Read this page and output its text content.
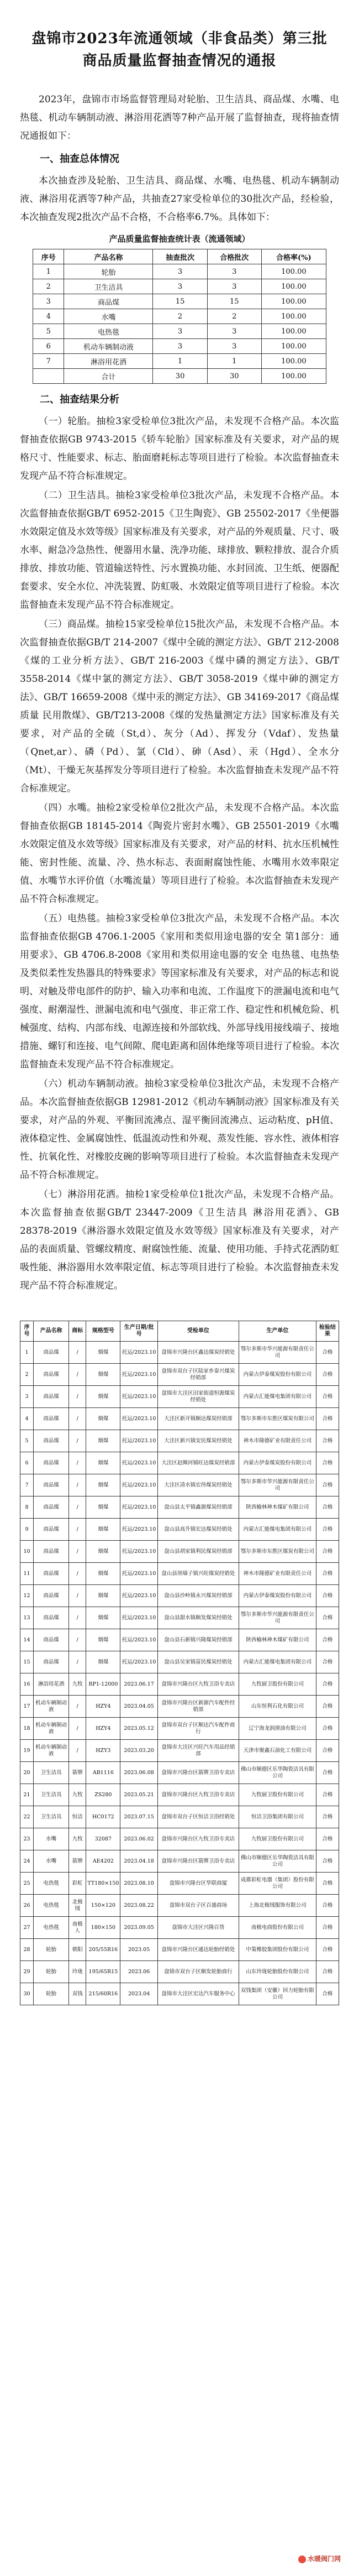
盘锦市2023年流通领域（非食品类）第三批商品质量监督抽查情况的通报

2023年，盘锦市市场监督管理局对轮胎、卫生洁具、商品煤、水嘴、电热毯、机动车辆制动液、淋浴用花洒等7种产品开展了监督抽查，现将抽查情况通报如下：

一、抽查总体情况

本次抽查涉及轮胎、卫生洁具、商品煤、水嘴、电热毯、机动车辆制动液、淋浴用花洒等7种产品，共抽查27家受检单位的30批次产品，经检验，本次抽查发现2批次产品不合格，不合格率6.7%。具体如下：

产品质量监督抽查统计表（流通领域）
序号	产品名称	抽查批次	合格批次	合格率(%)
1	轮胎	3	3	100.00
2	卫生洁具	3	3	100.00
3	商品煤	15	15	100.00
4	水嘴	2	2	100.00
5	电热毯	3	3	100.00
6	机动车辆制动液	3	3	100.00
7	淋浴用花洒	1	1	100.00
	合计	30	30	100.00
二、抽查结果分析

（一）轮胎。抽检3家受检单位3批次产品，未发现不合格产品。本次监督抽查依据GB 9743-2015《轿车轮胎》国家标准及有关要求，对产品的规格尺寸、性能要求、标志、胎面磨耗标志等项目进行了检验。本次监督抽查未发现产品不符合标准规定。

（二）卫生洁具。抽检3家受检单位3批次产品，未发现不合格产品。本次监督抽查依据GB/T 6952-2015《卫生陶瓷》、GB 25502-2017《坐便器水效限定值及水效等级》国家标准及有关要求，对产品的外观质量、尺寸、吸水率、耐急冷急热性、便器用水量、洗净功能、球排放、颗粒排放、混合介质排放、排放功能、管道输送特性、污水置换功能、水封回流、卫生纸、便器配套要求、安全水位、冲洗装置、防虹吸、水效限定值等项目进行了检验。本次监督抽查未发现产品不符合标准规定。

（三）商品煤。抽检15家受检单位15批次产品，未发现不合格产品。本次监督抽查依据GB/T 214-2007《煤中全硫的测定方法》、GB/T 212-2008《煤的工业分析方法》、GB/T 216-2003《煤中磷的测定方法》、GB/T 3558-2014《煤中氯的测定方法》、GB/T 3058-2019《煤中砷的测定方法》、GB/T 16659-2008《煤中汞的测定方法》、GB 34169-2017《商品煤质量 民用散煤》、GB/T213-2008《煤的发热量测定方法》国家标准及有关要求，对产品的全硫（St,d）、灰分（Ad）、挥发分（Vdaf）、发热量（Qnet,ar）、磷（Pd）、氯（Cld）、砷（Asd）、汞（Hgd）、全水分（Mt）、干燥无灰基挥发分等项目进行了检验。本次监督抽查未发现产品不符合标准规定。

（四）水嘴。抽检2家受检单位2批次产品，未发现不合格产品。本次监督抽查依据GB 18145-2014《陶瓷片密封水嘴》、GB 25501-2019《水嘴水效限定值及水效等级》国家标准及有关要求，对产品的材料、抗水压机械性能、密封性能、流量、冷、热水标志、表面耐腐蚀性能、水嘴用水效率限定值、水嘴节水评价值（水嘴流量）等项目进行了检验。本次监督抽查未发现产品不符合标准规定。

（五）电热毯。抽检3家受检单位3批次产品，未发现不合格产品。本次监督抽查依据GB 4706.1-2005《家用和类似用途电器的安全 第1部分：通用要求》、GB 4706.8-2008《家用和类似用途电器的安全 电热毯、电热垫及类似柔性发热器具的特殊要求》等国家标准及有关要求，对产品的标志和说明、对触及带电部件的防护、输入功率和电流、工作温度下的泄漏电流和电气强度、耐潮湿性、泄漏电流和电气强度、非正常工作、稳定性和机械危险、机械强度、结构、内部布线、电源连接和外部软线、外部导线用接线端子、接地措施、螺钉和连接、电气间隙、爬电距离和固体绝缘等项目进行了检验。本次监督抽查未发现产品不符合标准规定。

（六）机动车辆制动液。抽检3家受检单位3批次产品，未发现不合格产品。本次监督抽查依据GB 12981-2012《机动车辆制动液》国家标准及有关要求，对产品的外观、平衡回流沸点、湿平衡回流沸点、运动粘度、pH值、液体稳定性、金属腐蚀性、低温流动性和外观、蒸发性能、容水性、液体相容性、抗氧化性、对橡胶皮碗的影响等项目进行了检验。本次监督抽查未发现产品不符合标准规定。

（七）淋浴用花洒。抽检1家受检单位1批次产品，未发现不合格产品。本次监督抽查依据GB/T 23447-2009《卫生洁具 淋浴用花洒》、GB 28378-2019《淋浴器水效限定值及水效等级》国家标准及有关要求，对产品的表面质量、管螺纹精度、耐腐蚀性能、流量、使用功能、手持式花洒防虹吸性能、淋浴器用水效率限定值、标志等项目进行了检验。本次监督抽查未发现产品不符合标准规定。

序号	产品名称	商标	规格型号	生产日期/批号	受检单位	生产单位	检验结果
1	商品煤	/	烟煤	托运/2023.10	盘锦市兴隆台区鑫达煤炭经销处	鄂尔多斯市华兴能源有限责任公司	合格
2	商品煤	/	烟煤	托运/2023.10	盘锦市双台子区陆家乡泰兴煤炭经销部	内蒙古伊泰煤炭股份有限公司	合格
3	商品煤	/	烟煤	托运/2023.10	盘锦市大洼区田家街道恒源煤炭经销处	内蒙古汇能煤电集团有限公司	合格
4	商品煤	/	烟煤	托运/2023.10	大洼区新开镇顺达煤炭经销部	鄂尔多斯市东胜区煤炭有限公司	合格
5	商品煤	/	烟煤	托运/2023.10	大洼区新兴镇安民煤炭经销处	神木市隆德矿业有限责任公司	合格
6	商品煤	/	烟煤	托运/2023.10	大洼区赵圈河镇旺达煤炭经销部	内蒙古伊泰煤炭股份有限公司	合格
7	商品煤	/	烟煤	托运/2023.10	大洼区清水镇宏伟煤炭经销处	鄂尔多斯市华兴能源有限责任公司	合格
8	商品煤	/	烟煤	托运/2023.10	盘山县太平镇鑫源煤炭经销部	陕西榆林神木煤矿有限公司	合格
9	商品煤	/	烟煤	托运/2023.10	盘山县高升镇宏达煤炭经销处	内蒙古汇能煤电集团有限公司	合格
10	商品煤	/	烟煤	托运/2023.10	盘山县胡家镇利民煤炭经销部	鄂尔多斯市东胜区煤炭有限公司	合格
11	商品煤	/	烟煤	托运/2023.10	盘山县坝墙子镇兴旺煤炭经销处	神木市隆德矿业有限责任公司	合格
12	商品煤	/	烟煤	托运/2023.10	盘山县沙岭镇永兴煤炭经销部	内蒙古伊泰煤炭股份有限公司	合格
13	商品煤	/	烟煤	托运/2023.10	盘山县甜水镇顺发煤炭经销处	鄂尔多斯市华兴能源有限责任公司	合格
14	商品煤	/	烟煤	托运/2023.10	盘山县石新镇兴隆煤炭经销部	陕西榆林神木煤矿有限公司	合格
15	商品煤	/	烟煤	托运/2023.10	盘山县吴家镇富民煤炭经销处	内蒙古汇能煤电集团有限公司	合格
16	淋浴用花洒	九牧	RP1-12000	2023.06.17	盘锦市兴隆台区九牧卫浴专卖店	九牧厨卫股份有限公司	合格
17	机动车辆制动液	/	HZY4	2023.04.05	盘锦市兴隆台区新源汽车配件经销部	山东恒利石化有限公司	合格
18	机动车辆制动液	/	HZY4	2023.05.12	盘锦市双台子区顺达汽车配件商行	辽宁海龙润滑油有限公司	合格
19	机动车辆制动液	/	HZY3	2023.03.20	盘锦市大洼区兴旺汽车用品经销部	天津市聚鑫石油化工有限公司	合格
20	卫生洁具	箭牌	AB1116	2023.06.08	盘锦市兴隆台区箭牌卫浴专卖店	佛山市顺德区乐华陶瓷洁具有限公司	合格
21	卫生洁具	九牧	ZS280	2023.05.21	盘锦市兴隆台区九牧卫浴专卖店	九牧厨卫股份有限公司	合格
22	卫生洁具	恒洁	HC0172	2023.07.15	盘锦市双台子区恒洁卫浴经销处	恒洁卫浴集团有限公司	合格
23	水嘴	九牧	32087	2023.06.02	盘锦市兴隆台区九牧卫浴专卖店	九牧厨卫股份有限公司	合格
24	水嘴	箭牌	AE4202	2023.04.18	盘锦市兴隆台区箭牌卫浴专卖店	佛山市顺德区乐华陶瓷洁具有限公司	合格
25	电热毯	彩虹	TT180×150	2023.08.10	盘锦市兴隆台区华联商厦	成都彩虹电器（集团）股份有限公司	合格
26	电热毯	北极绒	150×120	2023.08.22	盘锦市双台子区百盛商场	上海北极绒服饰有限公司	合格
27	电热毯	南极人	180×150	2023.09.05	盘锦市大洼区兴隆百货	南极电商股份有限公司	合格
28	轮胎	朝阳	205/55R16	2023.05	盘锦市兴隆台区通达轮胎经销处	中策橡胶集团股份有限公司	合格
29	轮胎	玲珑	195/65R15	2023.06	盘锦市双台子区顺发轮胎商行	山东玲珑轮胎股份有限公司	合格
30	轮胎	双钱	215/60R16	2023.04	盘锦市大洼区宏达汽车服务中心	双钱集团（安徽）回力轮胎有限公司	合格
水暖阀门网
